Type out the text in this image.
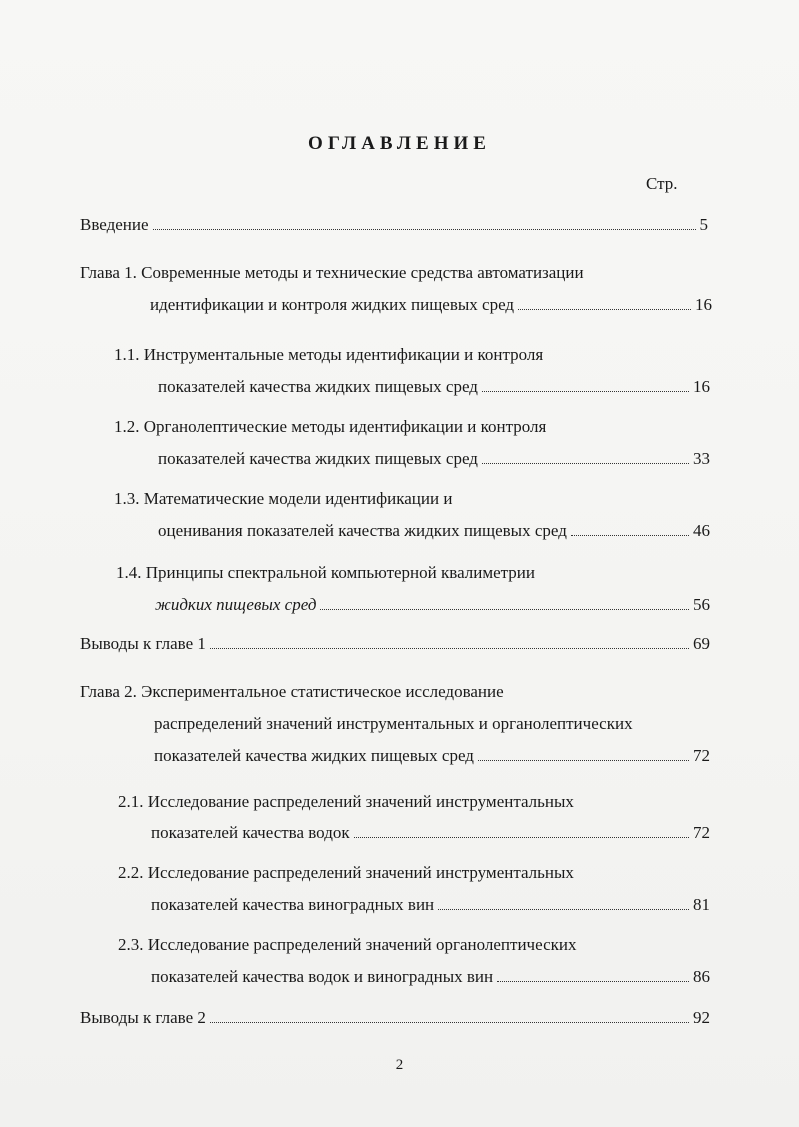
ОГЛАВЛЕНИЕ
Стр.
Введение	5
Глава 1. Современные методы и технические средства автоматизации
идентификации и контроля жидких пищевых сред	16
1.1. Инструментальные методы идентификации и контроля
показателей качества жидких пищевых сред	16
1.2. Органолептические методы идентификации и контроля
показателей качества жидких пищевых сред	33
1.3. Математические модели идентификации и
оценивания показателей качества жидких пищевых сред	46
1.4. Принципы спектральной компьютерной квалиметрии
жидких пищевых сред	56
Выводы к главе 1	69
Глава 2. Экспериментальное статистическое исследование
распределений значений инструментальных и органолептических
показателей качества жидких пищевых сред	72
2.1. Исследование распределений значений инструментальных
показателей качества водок	72
2.2. Исследование распределений значений инструментальных
показателей качества виноградных вин	81
2.3. Исследование распределений значений органолептических
показателей качества водок и виноградных вин	86
Выводы к главе 2	92
2
